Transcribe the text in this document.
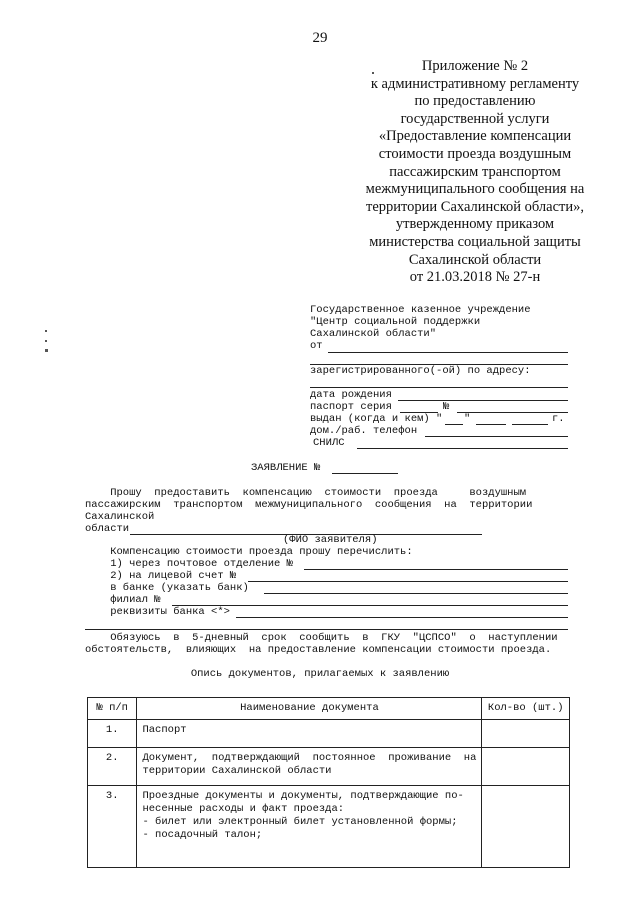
29
Приложение № 2
к административному регламенту
по предоставлению
государственной услуги
«Предоставление компенсации
стоимости проезда воздушным
пассажирским транспортом
межмуниципального сообщения на
территории Сахалинской области»,
утвержденному приказом
министерства социальной защиты
Сахалинской области
от 21.03.2018 № 27-н
Государственное казенное учреждение
"Центр социальной поддержки
Сахалинской области"
от
зарегистрированного(-ой) по адресу:
дата рождения
паспорт серия	№
выдан (когда и кем) " "	г.
дом./раб. телефон
СНИЛС
ЗАЯВЛЕНИЕ №
Прошу  предоставить  компенсацию  стоимости  проезда     воздушным
пассажирским  транспортом  межмуниципального  сообщения  на  территории
Сахалинской
области
(ФИО заявителя)
Компенсацию стоимости проезда прошу перечислить:
1) через почтовое отделение №
2) на лицевой счет №
в банке (указать банк)
филиал №
реквизиты банка <*>
Обязуюсь  в  5-дневный  срок  сообщить  в  ГКУ  "ЦСПСО"  о  наступлении
обстоятельств,  влияющих  на предоставление компенсации стоимости проезда.
Опись документов, прилагаемых к заявлению
№ п/п	Наименование документа	Кол-во (шт.)
1.	Паспорт	

2.	Документ,  подтверждающий  постоянное  проживание  на
территории Сахалинской области	

3.	Проездные документы и документы, подтверждающие по-
несенные расходы и факт проезда:
- билет или электронный билет установленной формы;
- посадочный талон;	
